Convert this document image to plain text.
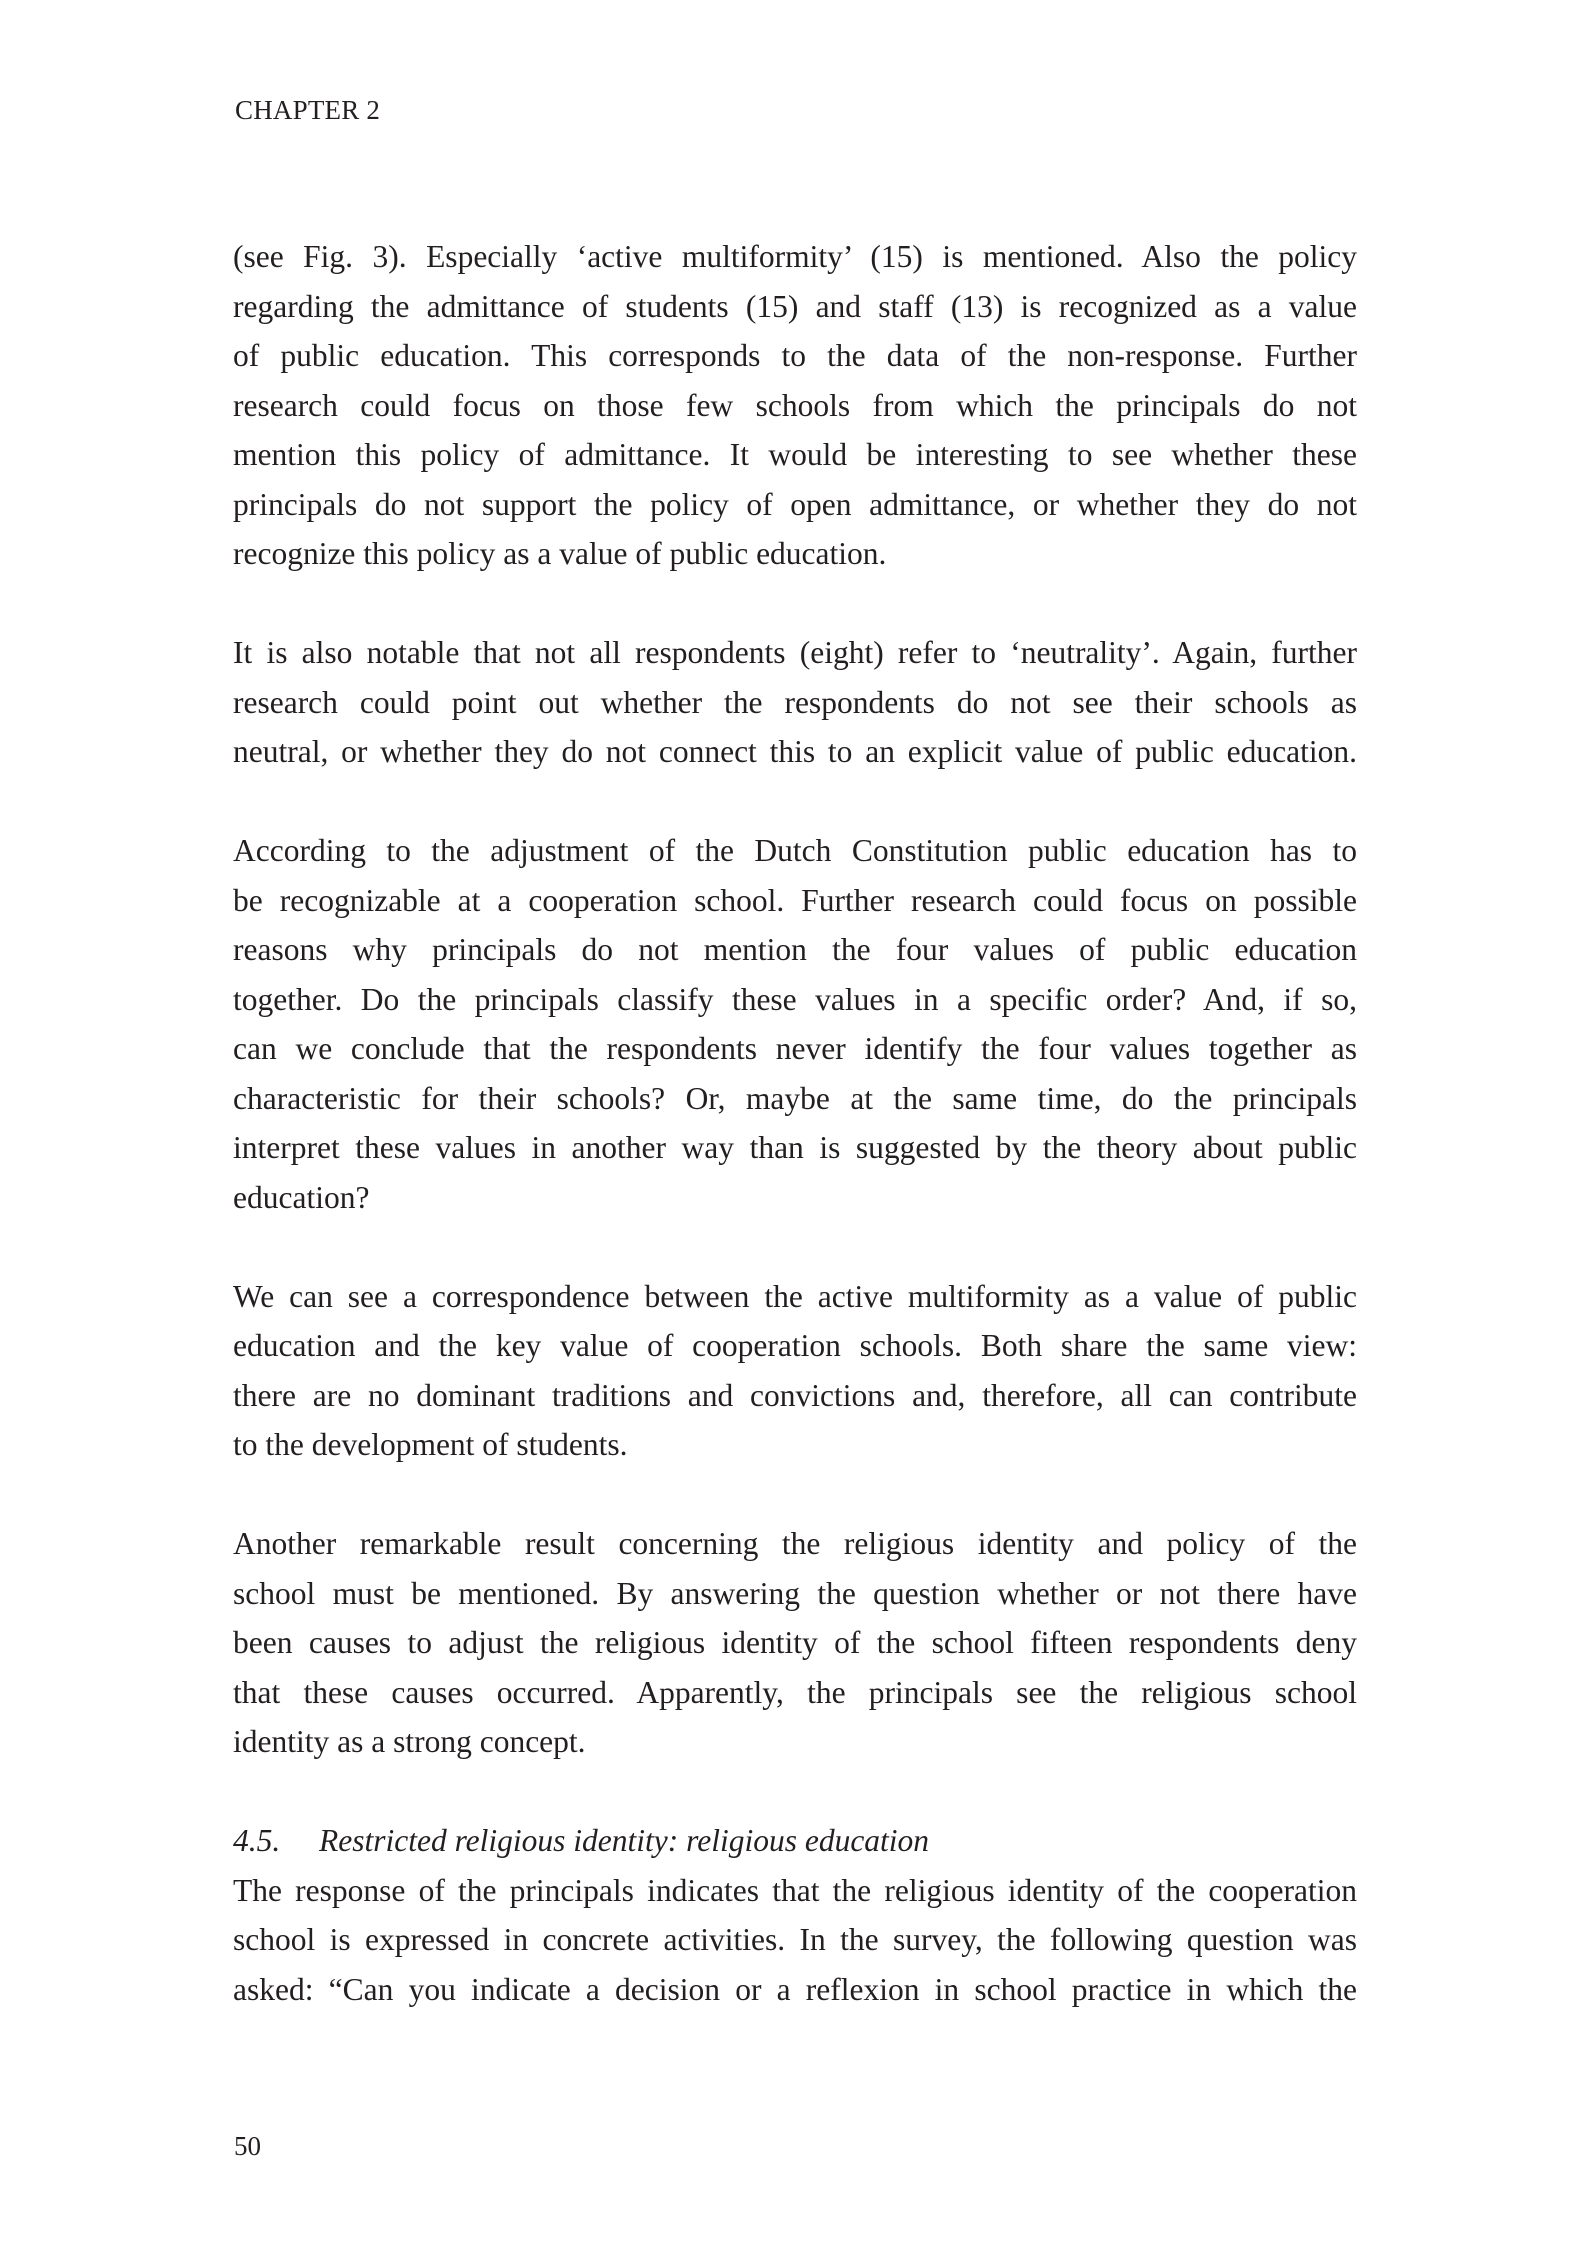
CHAPTER 2
(see Fig. 3). Especially ‘active multiformity’ (15) is mentioned. Also the policy
regarding the admittance of students (15) and staff (13) is recognized as a value
of public education. This corresponds to the data of the non-response. Further
research could focus on those few schools from which the principals do not
mention this policy of admittance. It would be interesting to see whether these
principals do not support the policy of open admittance, or whether they do not
recognize this policy as a value of public education.
It is also notable that not all respondents (eight) refer to ‘neutrality’. Again, further
research could point out whether the respondents do not see their schools as
neutral, or whether they do not connect this to an explicit value of public education.
According to the adjustment of the Dutch Constitution public education has to
be recognizable at a cooperation school. Further research could focus on possible
reasons why principals do not mention the four values of public education
together. Do the principals classify these values in a specific order? And, if so,
can we conclude that the respondents never identify the four values together as
characteristic for their schools? Or, maybe at the same time, do the principals
interpret these values in another way than is suggested by the theory about public
education?
We can see a correspondence between the active multiformity as a value of public
education and the key value of cooperation schools. Both share the same view:
there are no dominant traditions and convictions and, therefore, all can contribute
to the development of students.
Another remarkable result concerning the religious identity and policy of the
school must be mentioned. By answering the question whether or not there have
been causes to adjust the religious identity of the school fifteen respondents deny
that these causes occurred. Apparently, the principals see the religious school
identity as a strong concept.
4.5. Restricted religious identity: religious education
The response of the principals indicates that the religious identity of the cooperation
school is expressed in concrete activities. In the survey, the following question was
asked: “Can you indicate a decision or a reflexion in school practice in which the
50
